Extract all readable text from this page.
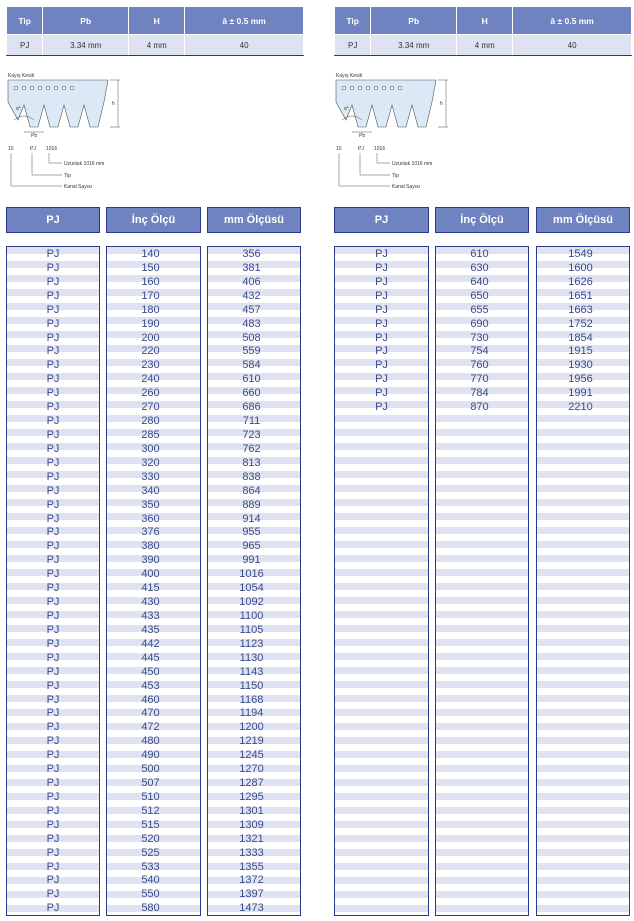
Tip	Pb	H	â ± 0.5 mm
PJ	3.34 mm	4 mm	40
Tip	Pb	H	â ± 0.5 mm
PJ	3.34 mm	4 mm	40
Kayış Kesiti
α°
Pb
h
10	PJ 1016
Uzunluk 1016 mm
Tip
Kanal Sayısı
Kayış Kesiti
α°
Pb
h
10	PJ 1016
Uzunluk 1016 mm
Tip
Kanal Sayısı
PJ	İnç Ölçü	mm Ölçüsü	PJ	İnç Ölçü	mm Ölçüsü
PJ	140	356
PJ	150	381
PJ	160	406
PJ	170	432
PJ	180	457
PJ	190	483
PJ	200	508
PJ	220	559
PJ	230	584
PJ	240	610
PJ	260	660
PJ	270	686
PJ	280	711
PJ	285	723
PJ	300	762
PJ	320	813
PJ	330	838
PJ	340	864
PJ	350	889
PJ	360	914
PJ	376	955
PJ	380	965
PJ	390	991
PJ	400	1016
PJ	415	1054
PJ	430	1092
PJ	433	1100
PJ	435	1105
PJ	442	1123
PJ	445	1130
PJ	450	1143
PJ	453	1150
PJ	460	1168
PJ	470	1194
PJ	472	1200
PJ	480	1219
PJ	490	1245
PJ	500	1270
PJ	507	1287
PJ	510	1295
PJ	512	1301
PJ	515	1309
PJ	520	1321
PJ	525	1333
PJ	533	1355
PJ	540	1372
PJ	550	1397
PJ	580	1473
PJ	610	1549
PJ	630	1600
PJ	640	1626
PJ	650	1651
PJ	655	1663
PJ	690	1752
PJ	730	1854
PJ	754	1915
PJ	760	1930
PJ	770	1956
PJ	784	1991
PJ	870	2210
